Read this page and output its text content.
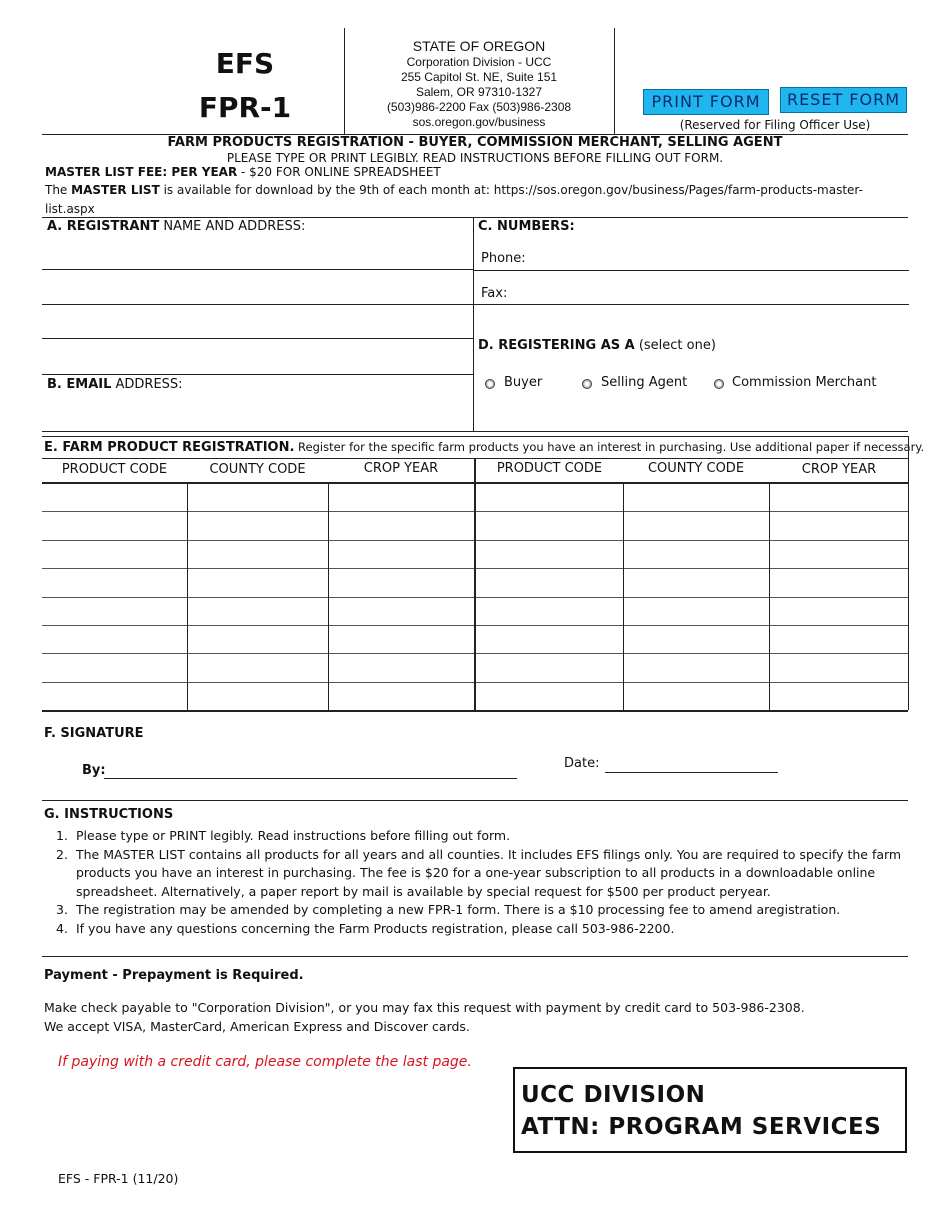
EFS
FPR-1
STATE OF OREGON
Corporation Division - UCC
255 Capitol St. NE, Suite 151
Salem, OR 97310-1327
(503)986-2200 Fax (503)986-2308
sos.oregon.gov/business
PRINT FORM	RESET FORM
(Reserved for Filing Officer Use)
FARM PRODUCTS REGISTRATION - BUYER, COMMISSION MERCHANT, SELLING AGENT
PLEASE TYPE OR PRINT LEGIBLY. READ INSTRUCTIONS BEFORE FILLING OUT FORM.
MASTER LIST FEE: PER YEAR - $20 FOR ONLINE SPREADSHEET
The MASTER LIST is available for download by the 9th of each month at: https://sos.oregon.gov/business/Pages/farm-products-master-
list.aspx
A. REGISTRANT NAME AND ADDRESS:
B. EMAIL ADDRESS:
C. NUMBERS:
Phone:
Fax:
D. REGISTERING AS A (select one)
Buyer	Selling Agent	Commission Merchant
E. FARM PRODUCT REGISTRATION. Register for the specific farm products you have an interest in purchasing. Use additional paper if necessary.
PRODUCT CODE	COUNTY CODE	CROP YEAR	PRODUCT CODE	COUNTY CODE	CROP YEAR
F. SIGNATURE
By:	Date:
G. INSTRUCTIONS
1. Please type or PRINT legibly. Read instructions before filling out form.
2. The MASTER LIST contains all products for all years and all counties. It includes EFS filings only. You are required to specify the farm
products you have an interest in purchasing. The fee is $20 for a one-year subscription to all products in a downloadable online
spreadsheet. Alternatively, a paper report by mail is available by special request for $500 per product peryear.
3. The registration may be amended by completing a new FPR-1 form. There is a $10 processing fee to amend aregistration.
4. If you have any questions concerning the Farm Products registration, please call 503-986-2200.
Payment - Prepayment is Required.
Make check payable to "Corporation Division", or you may fax this request with payment by credit card to 503-986-2308.
We accept VISA, MasterCard, American Express and Discover cards.
If paying with a credit card, please complete the last page.
UCC DIVISION
ATTN: PROGRAM SERVICES
EFS - FPR-1 (11/20)
